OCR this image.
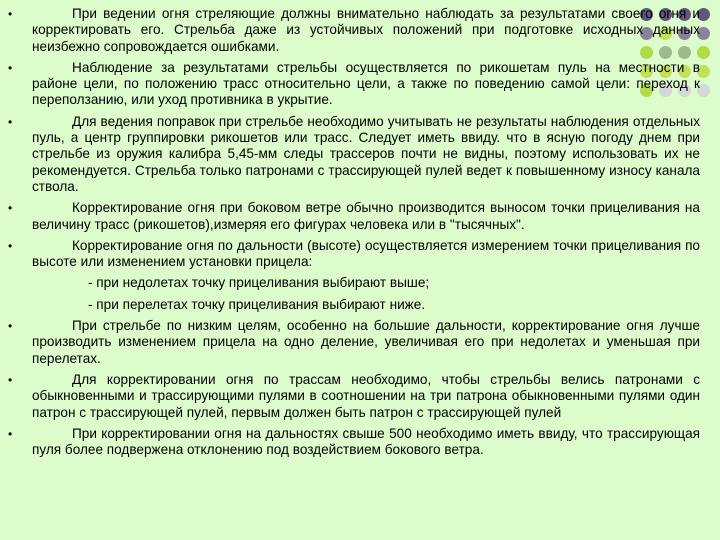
•	При ведении огня стреляющие должны внимательно наблюдать за результатами своего огня и корректировать его. Стрельба даже из устойчивых положений при подготовке исходных данных неизбежно сопровождается ошибками.
•	Наблюдение за результатами стрельбы осуществляется по рикошетам пуль на местности в районе цели, по положению трасс относительно цели, а также по поведению самой цели: переход к переползанию, или уход противника в укрытие.
•	Для ведения поправок при стрельбе необходимо учитывать не результаты наблюдения отдельных пуль, а центр группировки рикошетов или трасс. Следует иметь ввиду. что в ясную погоду днем при стрельбе из оружия калибра 5,45-мм следы трассеров почти не видны, поэтому использовать их не рекомендуется. Стрельба только патронами с трассирующей пулей ведет к повышенному износу канала ствола.
•	Корректирование огня при боковом ветре обычно производится выносом точки прицеливания на величину трасс (рикошетов),измеряя его фигурах человека или в "тысячных".
•	Корректирование огня по дальности (высоте) осуществляется измерением точки прицеливания по высоте или изменением установки прицела:
- при недолетах точку прицеливания выбирают выше;
- при перелетах точку прицеливания выбирают ниже.
•	При стрельбе по низким целям, особенно на большие дальности, корректирование огня лучше производить изменением прицела на одно деление, увеличивая его при недолетах и уменьшая при перелетах.
•	Для корректировании огня по трассам необходимо, чтобы стрельбы велись патронами с обыкновенными и трассирующими пулями в соотношении на три патрона обыкновенными пулями один патрон с трассирующей пулей, первым должен быть патрон с трассирующей пулей
•	При корректировании огня на дальностях свыше 500 необходимо иметь ввиду, что трассирующая пуля более подвержена отклонению под воздействием бокового ветра.
